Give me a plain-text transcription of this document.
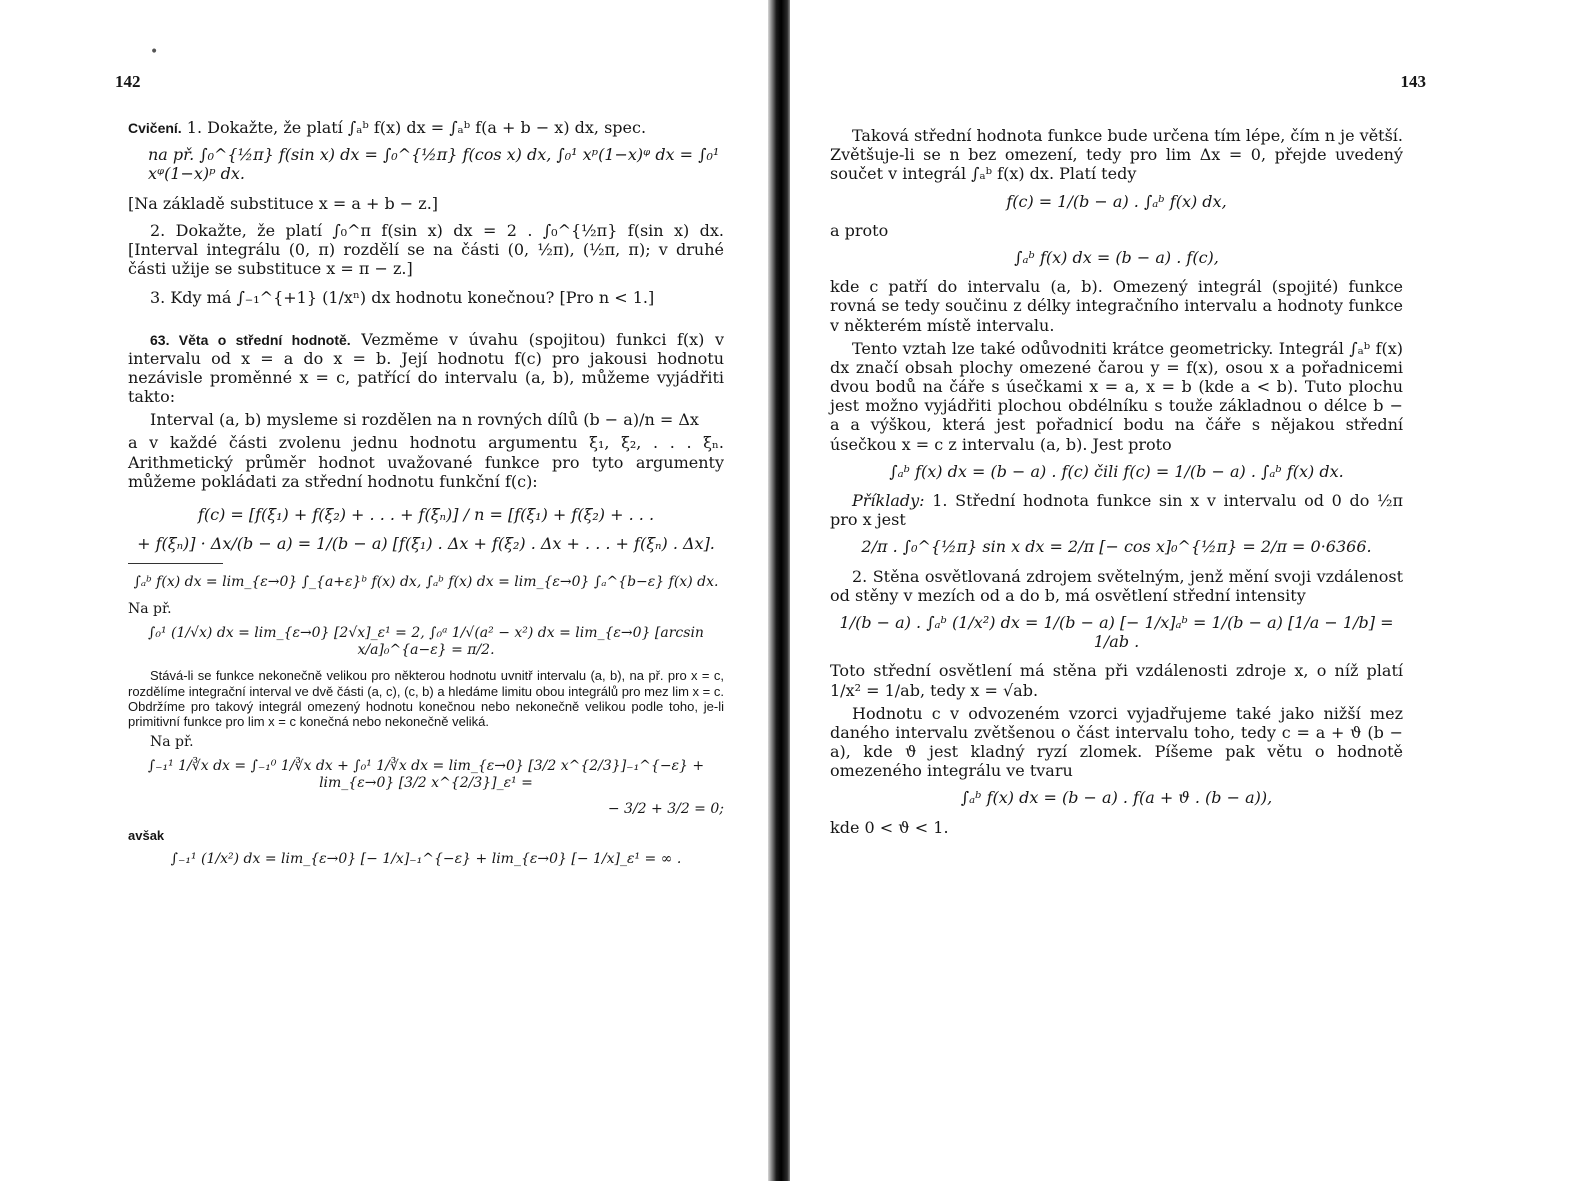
•
142

Cvičení. 1. Dokažte, že platí ∫ₐᵇ f(x) dx = ∫ₐᵇ f(a + b − x) dx, spec.

na př. ∫₀^{½π} f(sin x) dx = ∫₀^{½π} f(cos x) dx, ∫₀¹ xᵖ(1−x)ᵠ dx = ∫₀¹ xᵠ(1−x)ᵖ dx.

[Na základě substituce x = a + b − z.]

2. Dokažte, že platí ∫₀^π f(sin x) dx = 2 . ∫₀^{½π} f(sin x) dx. [Interval integrálu (0, π) rozdělí se na části (0, ½π), (½π, π); v druhé části užije se substituce x = π − z.]

3. Kdy má ∫₋₁^{+1} (1/xⁿ) dx hodnotu konečnou? [Pro n < 1.]

63. Věta o střední hodnotě. Vezměme v úvahu (spojitou) funkci f(x) v intervalu od x = a do x = b. Její hodnotu f(c) pro jakousi hodnotu nezávisle proměnné x = c, patřící do intervalu (a, b), můžeme vyjádřiti takto:

Interval (a, b) mysleme si rozdělen na n rovných dílů (b − a)/n = Δx

a v každé části zvolenu jednu hodnotu argumentu ξ₁, ξ₂, . . . ξₙ. Arithmetický průměr hodnot uvažované funkce pro tyto argumenty můžeme pokládati za střední hodnotu funkční f(c):

f(c) = [f(ξ₁) + f(ξ₂) + . . . + f(ξₙ)] / n = [f(ξ₁) + f(ξ₂) + . . .

+ f(ξₙ)] · Δx/(b − a) = 1/(b − a) [f(ξ₁) . Δx + f(ξ₂) . Δx + . . . + f(ξₙ) . Δx].

∫ₐᵇ f(x) dx = lim_{ε→0} ∫_{a+ε}ᵇ f(x) dx, ∫ₐᵇ f(x) dx = lim_{ε→0} ∫ₐ^{b−ε} f(x) dx.

Na př.

∫₀¹ (1/√x) dx = lim_{ε→0} [2√x]_ε¹ = 2, ∫₀ᵃ 1/√(a² − x²) dx = lim_{ε→0} [arcsin x/a]₀^{a−ε} = π/2.

Stává-li se funkce nekonečně velikou pro některou hodnotu uvnitř intervalu (a, b), na př. pro x = c, rozdělíme integrační interval ve dvě části (a, c), (c, b) a hledáme limitu obou integrálů pro mez lim x = c. Obdržíme pro takový integrál omezený hodnotu konečnou nebo nekonečně velikou podle toho, je-li primitivní funkce pro lim x = c konečná nebo nekonečně veliká.

Na př.

∫₋₁¹ 1/∛x dx = ∫₋₁⁰ 1/∛x dx + ∫₀¹ 1/∛x dx = lim_{ε→0} [3/2 x^{2/3}]₋₁^{−ε} + lim_{ε→0} [3/2 x^{2/3}]_ε¹ =

− 3/2 + 3/2 = 0;

avšak

∫₋₁¹ (1/x²) dx = lim_{ε→0} [− 1/x]₋₁^{−ε} + lim_{ε→0} [− 1/x]_ε¹ = ∞ .

143

Taková střední hodnota funkce bude určena tím lépe, čím n je větší. Zvětšuje-li se n bez omezení, tedy pro lim Δx = 0, přejde uvedený součet v integrál ∫ₐᵇ f(x) dx. Platí tedy

f(c) = 1/(b − a) . ∫ₐᵇ f(x) dx,

a proto

∫ₐᵇ f(x) dx = (b − a) . f(c),

kde c patří do intervalu (a, b). Omezený integrál (spojité) funkce rovná se tedy součinu z délky integračního intervalu a hodnoty funkce v některém místě intervalu.

Tento vztah lze také odůvodniti krátce geometricky. Integrál ∫ₐᵇ f(x) dx značí obsah plochy omezené čarou y = f(x), osou x a pořadnicemi dvou bodů na čáře s úsečkami x = a, x = b (kde a < b). Tuto plochu jest možno vyjádřiti plochou obdélníku s touže základnou o délce b − a a výškou, která jest pořadnicí bodu na čáře s nějakou střední úsečkou x = c z intervalu (a, b). Jest proto

∫ₐᵇ f(x) dx = (b − a) . f(c) čili f(c) = 1/(b − a) . ∫ₐᵇ f(x) dx.

Příklady: 1. Střední hodnota funkce sin x v intervalu od 0 do ½π pro x jest

2/π . ∫₀^{½π} sin x dx = 2/π [− cos x]₀^{½π} = 2/π = 0·6366.

2. Stěna osvětlovaná zdrojem světelným, jenž mění svoji vzdálenost od stěny v mezích od a do b, má osvětlení střední intensity

1/(b − a) . ∫ₐᵇ (1/x²) dx = 1/(b − a) [− 1/x]ₐᵇ = 1/(b − a) [1/a − 1/b] = 1/ab .

Toto střední osvětlení má stěna při vzdálenosti zdroje x, o níž platí 1/x² = 1/ab, tedy x = √ab.

Hodnotu c v odvozeném vzorci vyjadřujeme také jako nižší mez daného intervalu zvětšenou o část intervalu toho, tedy c = a + ϑ (b − a), kde ϑ jest kladný ryzí zlomek. Píšeme pak větu o hodnotě omezeného integrálu ve tvaru

∫ₐᵇ f(x) dx = (b − a) . f(a + ϑ . (b − a)),

kde 0 < ϑ < 1.
